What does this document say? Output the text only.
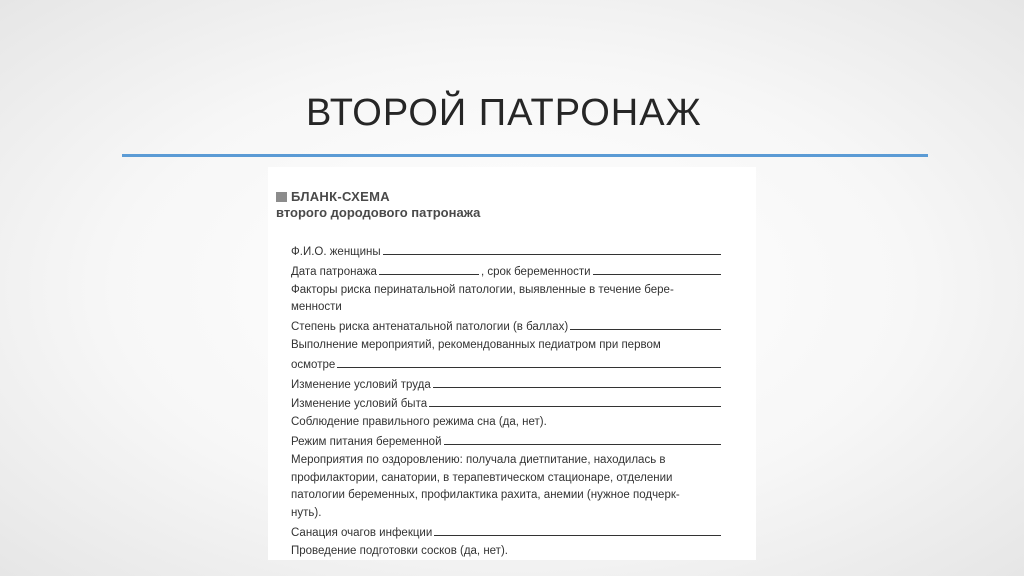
ВТОРОЙ ПАТРОНАЖ
БЛАНК-СХЕМА
второго дородового патронажа
Ф.И.О. женщины
Дата патронажа	, срок беременности
Факторы риска перинатальной патологии, выявленные в течение бере-
менности
Степень риска антенатальной патологии (в баллах)
Выполнение мероприятий, рекомендованных педиатром при первом
осмотре
Изменение условий труда
Изменение условий быта
Соблюдение правильного режима сна (да, нет).
Режим питания беременной
Мероприятия по оздоровлению: получала диетпитание, находилась в
профилактории, санатории, в терапевтическом стационаре, отделении
патологии беременных, профилактика рахита, анемии (нужное подчерк-
нуть).
Санация очагов инфекции
Проведение подготовки сосков (да, нет).
